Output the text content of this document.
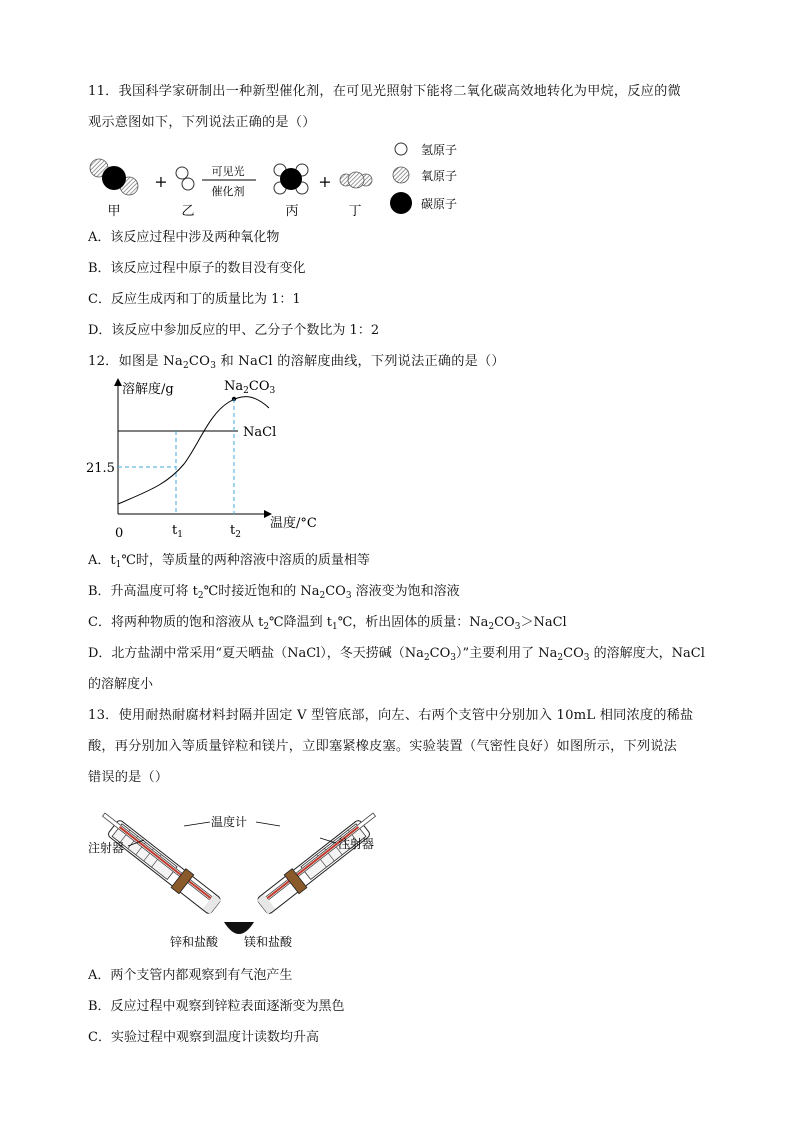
11．我国科学家研制出一种新型催化剂，在可见光照射下能将二氧化碳高效地转化为甲烷，反应的微
观示意图如下，下列说法正确的是（）
甲
+
乙
可见光
催化剂
丙
+
丁
氢原子
氧原子
碳原子
A．该反应过程中涉及两种氧化物
B．该反应过程中原子的数目没有变化
C．反应生成丙和丁的质量比为 1：1
D．该反应中参加反应的甲、乙分子个数比为 1：2
12．如图是 $Na_2CO_3$ 和 NaCl 的溶解度曲线，下列说法正确的是（）
溶解度/g
温度/°C
0
NaCl
$Na_2CO_3$
21.5
$t_1$	$t_2$
A．$t_1℃$时，等质量的两种溶液中溶质的质量相等
B．升高温度可将 $t_2℃$时接近饱和的 $Na_2CO_3$ 溶液变为饱和溶液
C．将两种物质的饱和溶液从 $t_2℃$降温到 $t_1℃$，析出固体的质量：$Na_2CO_3>NaCl$
D．北方盐湖中常采用“夏天晒盐（NaCl），冬天捞碱$(Na_2CO_3)$”主要利用了 $Na_2CO_3$ 的溶解度大，NaCl
的溶解度小
13．使用耐热耐腐材料封隔并固定 V 型管底部，向左、右两个支管中分别加入 10mL 相同浓度的稀盐
酸，再分别加入等质量锌粒和镁片，立即塞紧橡皮塞。实验装置（气密性良好）如图所示，下列说法
错误的是（）
温度计
注射器	注射器
锌和盐酸 镁和盐酸
A．两个支管内都观察到有气泡产生
B．反应过程中观察到锌粒表面逐渐变为黑色
C．实验过程中观察到温度计读数均升高
